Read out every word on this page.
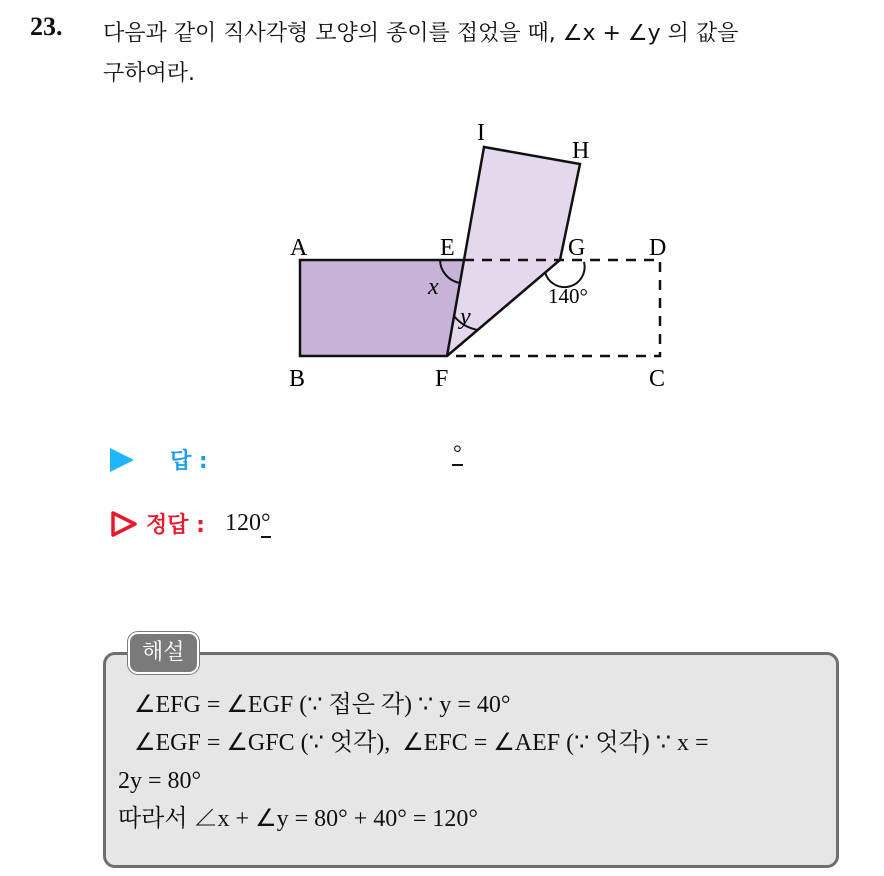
23. 다음과 같이 직사각형 모양의 종이를 접었을 때, ∠x + ∠y 의 값을
구하여라.
A
B	C
D
E
F
G
H
I
x
y
140°
답 :	°
정답 : 120°
해설
∠EFG = ∠EGF (∵ 접은 각) ∵ y = 40°
∠EGF = ∠GFC (∵ 엇각),  ∠EFC = ∠AEF (∵ 엇각) ∵ x =
2y = 80°
따라서 ∠x + ∠y = 80° + 40° = 120°
